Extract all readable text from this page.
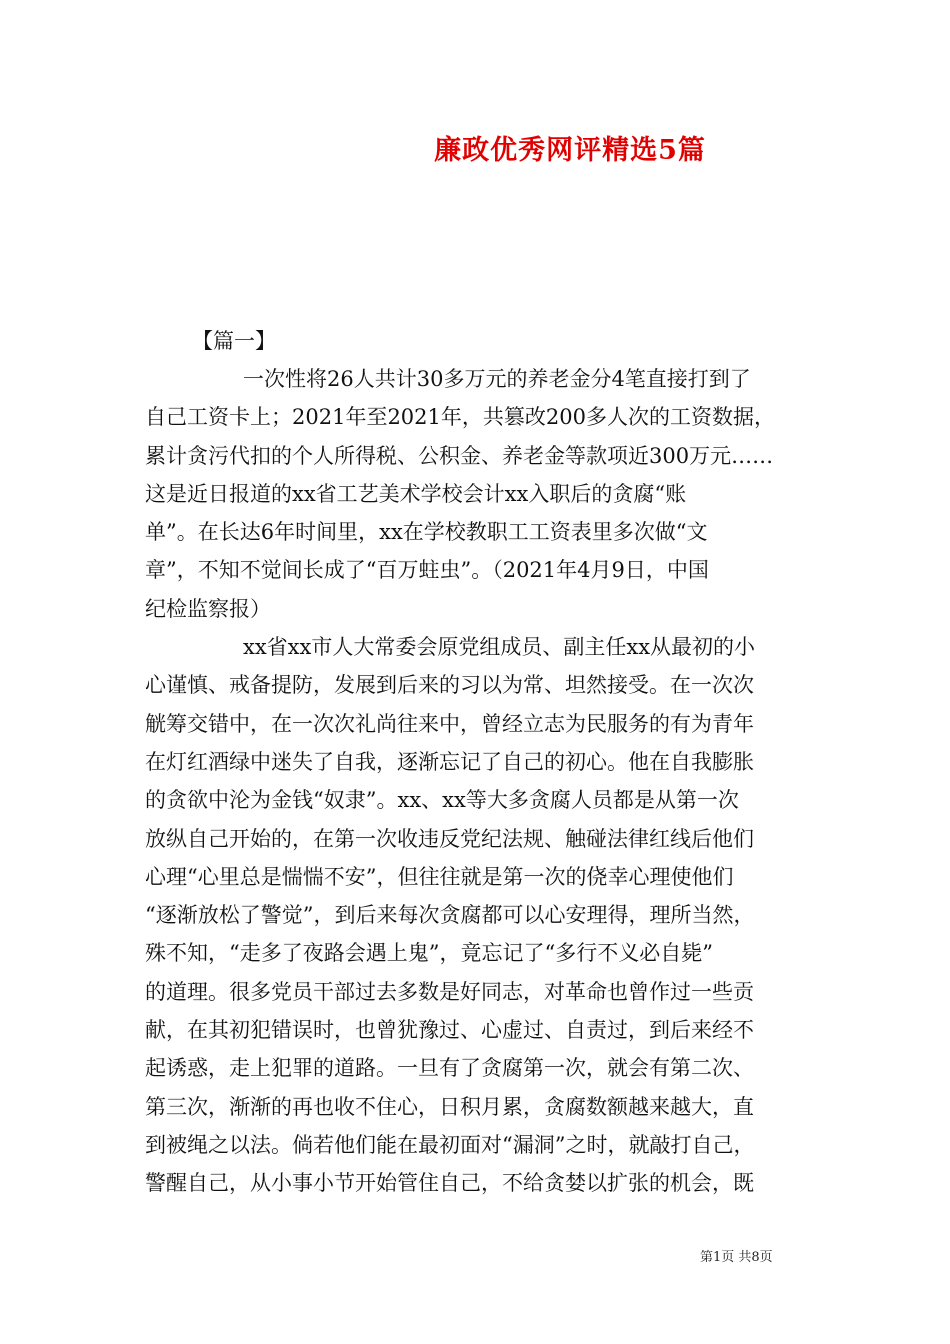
廉政优秀网评精选5篇
【篇一】
一次性将26人共计30多万元的养老金分4笔直接打到了
自己工资卡上；2021年至2021年，共篡改200多人次的工资数据，
累计贪污代扣的个人所得税、公积金、养老金等款项近300万元……
这是近日报道的xx省工艺美术学校会计xx入职后的贪腐“账
单”。在长达6年时间里，xx在学校教职工工资表里多次做“文
章”，不知不觉间长成了“百万蛀虫”。（2021年4月9日，中国
纪检监察报）
xx省xx市人大常委会原党组成员、副主任xx从最初的小
心谨慎、戒备提防，发展到后来的习以为常、坦然接受。在一次次
觥筹交错中，在一次次礼尚往来中，曾经立志为民服务的有为青年
在灯红酒绿中迷失了自我，逐渐忘记了自己的初心。他在自我膨胀
的贪欲中沦为金钱“奴隶”。xx、xx等大多贪腐人员都是从第一次
放纵自己开始的，在第一次收违反党纪法规、触碰法律红线后他们
心理“心里总是惴惴不安”，但往往就是第一次的侥幸心理使他们
“逐渐放松了警觉”，到后来每次贪腐都可以心安理得，理所当然，
殊不知，“走多了夜路会遇上鬼”，竟忘记了“多行不义必自毙”
的道理。很多党员干部过去多数是好同志，对革命也曾作过一些贡
献，在其初犯错误时，也曾犹豫过、心虚过、自责过，到后来经不
起诱惑，走上犯罪的道路。一旦有了贪腐第一次，就会有第二次、
第三次，渐渐的再也收不住心，日积月累，贪腐数额越来越大，直
到被绳之以法。倘若他们能在最初面对“漏洞”之时，就敲打自己，
警醒自己，从小事小节开始管住自己，不给贪婪以扩张的机会，既
第1页 共8页
